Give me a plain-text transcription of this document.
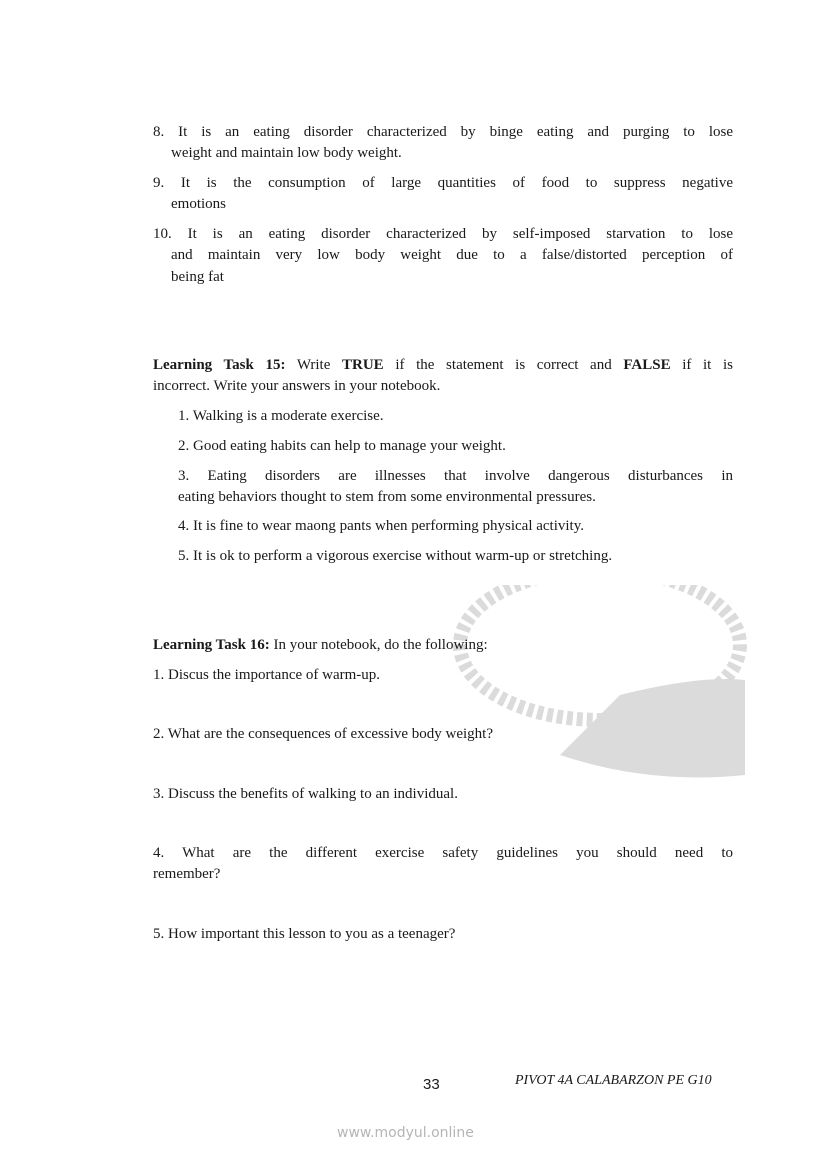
8. It is an eating disorder characterized by binge eating and purging to lose
weight and maintain low body weight.
9. It is the consumption of large quantities of food to suppress negative
emotions
10. It is an eating disorder characterized by self-imposed starvation to lose
and maintain very low body weight due to a false/distorted perception of
being fat
Learning Task 15: Write TRUE if the statement is correct and FALSE if it is
incorrect. Write your answers in your notebook.
1. Walking is a moderate exercise.
2. Good eating habits can help to manage your weight.
3. Eating disorders are illnesses that involve dangerous disturbances in
eating behaviors thought to stem from some environmental pressures.
4. It is fine to wear maong pants when performing physical activity.
5. It is ok to perform a vigorous exercise without warm-up or stretching.
Learning Task 16: In your notebook, do the following:
1. Discus the importance of warm-up.
2. What are the consequences of excessive body weight?
3. Discuss the benefits of walking to an individual.
4. What are the different exercise safety guidelines you should need to
remember?
5. How important this lesson to you as a teenager?
33	PIVOT 4A CALABARZON PE G10
www.modyul.online
